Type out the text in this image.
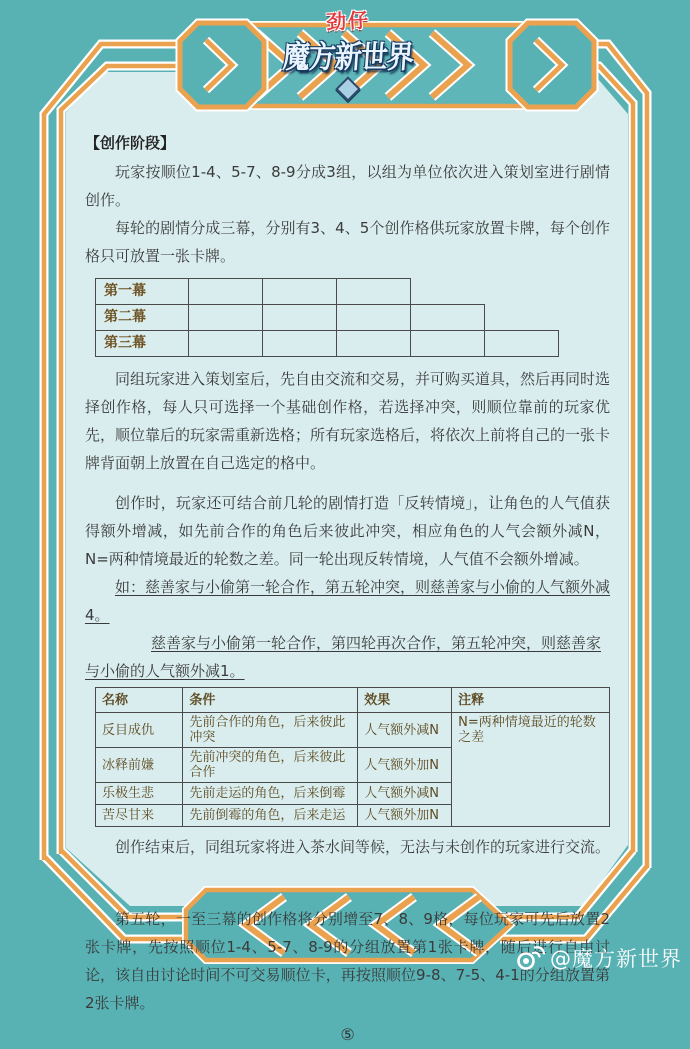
劲仔
魔方新世界
【创作阶段】

玩家按顺位1-4、5-7、8-9分成3组，以组为单位依次进入策划室进行剧情创作。

每轮的剧情分成三幕，分别有3、4、5个创作格供玩家放置卡牌，每个创作格只可放置一张卡牌。

第一幕
第二幕
第三幕

同组玩家进入策划室后，先自由交流和交易，并可购买道具，然后再同时选择创作格，每人只可选择一个基础创作格，若选择冲突，则顺位靠前的玩家优先，顺位靠后的玩家需重新选格；所有玩家选格后，将依次上前将自己的一张卡牌背面朝上放置在自己选定的格中。

创作时，玩家还可结合前几轮的剧情打造「反转情境」，让角色的人气值获得额外增减，如先前合作的角色后来彼此冲突，相应角色的人气会额外减N，N=两种情境最近的轮数之差。同一轮出现反转情境，人气值不会额外增减。

如：慈善家与小偷第一轮合作，第五轮冲突，则慈善家与小偷的人气额外减4。

慈善家与小偷第一轮合作，第四轮再次合作，第五轮冲突，则慈善家与小偷的人气额外减1。

名称	条件	效果	注释
反目成仇	先前合作的角色，后来彼此冲突	人气额外减N	N=两种情境最近的轮数之差
冰释前嫌	先前冲突的角色，后来彼此合作	人气额外加N	
乐极生悲	先前走运的角色，后来倒霉	人气额外减N	
苦尽甘来	先前倒霉的角色，后来走运	人气额外加N	

创作结束后，同组玩家将进入茶水间等候，无法与未创作的玩家进行交流。

第五轮，一至三幕的创作格将分别增至7、8、9格，每位玩家可先后放置2张卡牌，先按照顺位1-4、5-7、8-9的分组放置第1张卡牌，随后进行自由讨论，该自由讨论时间不可交易顺位卡，再按照顺位9-8、7-5、4-1的分组放置第2张卡牌。

⑤
@魔方新世界
